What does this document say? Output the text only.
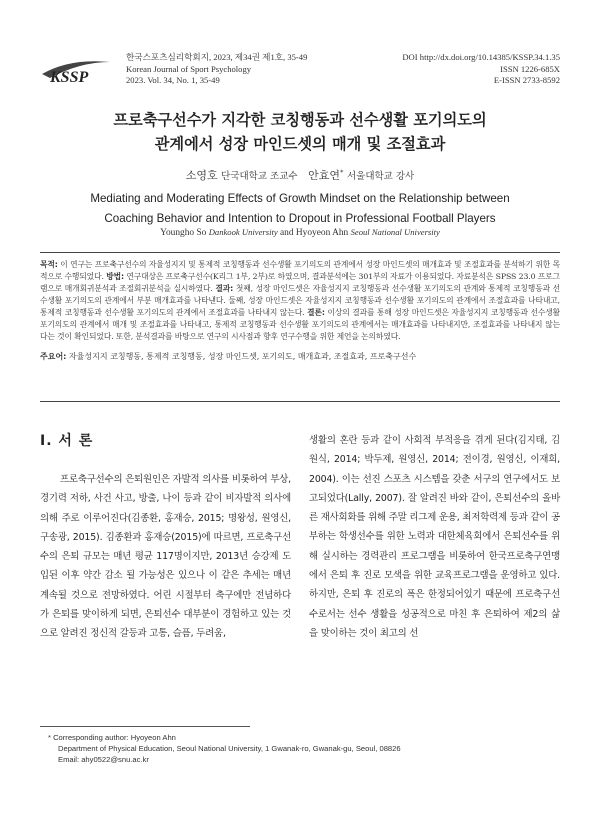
KSSP
한국스포츠심리학회지, 2023, 제34권 제1호, 35-49
Korean Journal of Sport Psychology
2023. Vol. 34, No. 1, 35-49
DOI http://dx.doi.org/10.14385/KSSP.34.1.35
ISSN 1226-685X
E-ISSN 2733-8592
프로축구선수가 지각한 코칭행동과 선수생활 포기의도의
관계에서 성장 마인드셋의 매개 및 조절효과
소영호 단국대학교 조교수 안효연* 서울대학교 강사
Mediating and Moderating Effects of Growth Mindset on the Relationship between
Coaching Behavior and Intention to Dropout in Professional Football Players
Youngho So Dankook University and Hyoyeon Ahn Seoul National University

목적: 이 연구는 프로축구선수의 자율성지지 및 통제적 코칭행동과 선수생활 포기의도의 관계에서 성장 마인드셋의 매개효과 및 조절효과를 분석하기 위한 목적으로 수행되었다. 방법: 연구대상은 프로축구선수(K리그 1부, 2부)로 하였으며, 결과분석에는 301부의 자료가 이용되었다. 자료분석은 SPSS 23.0 프로그램으로 매개회귀분석과 조절회귀분석을 실시하였다. 결과: 첫째, 성장 마인드셋은 자율성지지 코칭행동과 선수생활 포기의도의 관계와 통제적 코칭행동과 선수생활 포기의도의 관계에서 부분 매개효과를 나타낸다. 둘째, 성장 마인드셋은 자율성지지 코칭행동과 선수생활 포기의도의 관계에서 조절효과를 나타내고, 통제적 코칭행동과 선수생활 포기의도의 관계에서 조절효과를 나타내지 않는다. 결론: 이상의 결과를 통해 성장 마인드셋은 자율성지지 코칭행동과 선수생활 포기의도의 관계에서 매개 및 조절효과를 나타내고, 통제적 코칭행동과 선수생활 포기의도의 관계에서는 매개효과를 나타내지만, 조절효과를 나타내지 않는다는 것이 확인되었다. 또한, 분석결과를 바탕으로 연구의 시사점과 향후 연구수행을 위한 제언을 논의하였다.

주요어: 자율성지지 코칭행동, 통제적 코칭행동, 성장 마인드셋, 포기의도, 매개효과, 조절효과, 프로축구선수

Ⅰ. 서 론

프로축구선수의 은퇴원인은 자발적 의사를 비롯하여 부상, 경기력 저하, 사건 사고, 방출, 나이 등과 같이 비자발적 의사에 의해 주로 이루어진다(김종환, 홍재승, 2015; 명왕성, 원영신, 구송광, 2015). 김종환과 홍재승(2015)에 따르면, 프로축구선수의 은퇴 규모는 매년 평균 117명이지만, 2013년 승강제 도입된 이후 약간 감소 될 가능성은 있으나 이 같은 추세는 매년 계속될 것으로 전망하였다. 어린 시절부터 축구에만 전념하다가 은퇴를 맞이하게 되면, 은퇴선수 대부분이 경험하고 있는 것으로 알려진 정신적 갈등과 고통, 슬픔, 두려움,

생활의 혼란 등과 같이 사회적 부적응을 겪게 된다(김지태, 김원식, 2014; 박두제, 원영신, 2014; 전이경, 원영신, 이재희, 2004). 이는 선진 스포츠 시스템을 갖춘 서구의 연구에서도 보고되었다(Lally, 2007). 잘 알려진 바와 같이, 은퇴선수의 올바른 재사회화를 위해 주말 리그제 운용, 최저학력제 등과 같이 공부하는 학생선수를 위한 노력과 대한체육회에서 은퇴선수를 위해 실시하는 경력관리 프로그램을 비롯하여 한국프로축구연맹에서 은퇴 후 진로 모색을 위한 교육프로그램을 운영하고 있다. 하지만, 은퇴 후 진로의 폭은 한정되어있기 때문에 프로축구선수로서는 선수 생활을 성공적으로 마친 후 은퇴하여 제2의 삶을 맞이하는 것이 최고의 선

* Corresponding author: Hyoyeon Ahn
Department of Physical Education, Seoul National University, 1 Gwanak-ro, Gwanak-gu, Seoul, 08826
Email: ahy0522@snu.ac.kr
